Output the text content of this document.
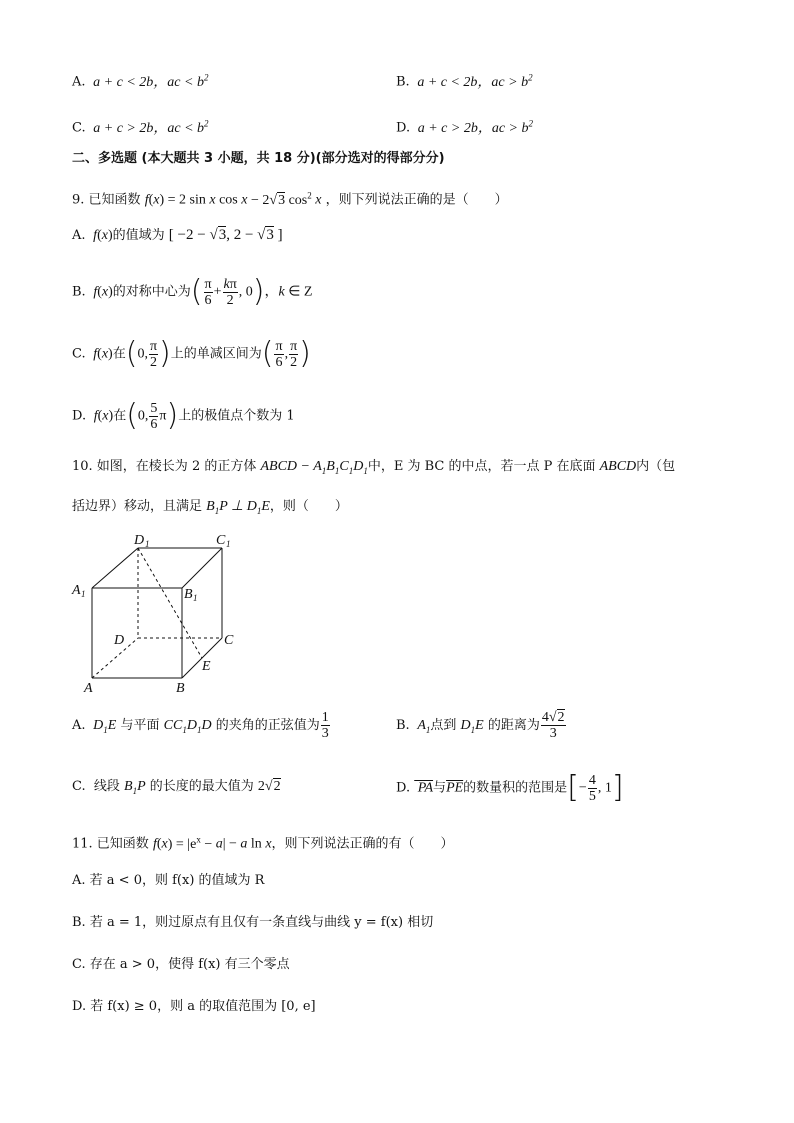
A.  a + c < 2b，ac < $b^2$	B.  a + c < 2b，ac > $b^2$
C.  a + c > 2b，ac < $b^2$	D.  a + c > 2b，ac > $b^2$
二、多选题 (本大题共 3 小题，共 18 分)(部分选对的得部分分)
9. 已知函数 f(x) = 2 sin x cos x − 2√3 $\cos^2 x$ ，则下列说法正确的是（　　）
A.  f(x)的值域为 [ −2 − √3, 2 − √3 ]
B.  f(x)的对称中心为( $\frac{\pi}{6} + \frac{k\pi}{2}$ , 0)，k ∈ Z
C.  f(x)在(0, $\frac{\pi}{2}$ )上的单减区间为( $\frac{\pi}{6}$ , $\frac{\pi}{2}$ )
D.  f(x)在(0, $\frac{5}{6} \pi$)上的极值点个数为 1
10. 如图，在棱长为 2 的正方体 ABCD − $A_1B_1C_1D_1$中，E 为 BC 的中点，若一点 P 在底面 ABCD内（包
括边界）移动，且满足 $B_1P$ ⊥ $D_1E$，则（　　）
D 1	C 1
A 1	B 1
D	C
E
A	B
A.  $D_1E$ 与平面 $CC_1D_1D$ 的夹角的正弦值为 $\frac{1}{3}$	B.  $A_1$点到 $D_1E$ 的距离为 $\frac{4√2}{3}$
C.  线段 $B_1P$ 的长度的最大值为 2√2	D.  PA与$\overline{PE}$的数量积的范围是[− $\frac{4}{5}$ , 1]
11. 已知函数 $f(x) = |e^x - a| - a$ ln x，则下列说法正确的有（　　）
A. 若 a < 0，则 f(x) 的值域为 R
B. 若 a = 1，则过原点有且仅有一条直线与曲线 y = f(x) 相切
C. 存在 a > 0，使得 f(x) 有三个零点
D. 若 f(x) ≥ 0，则 a 的取值范围为 [0, e]
